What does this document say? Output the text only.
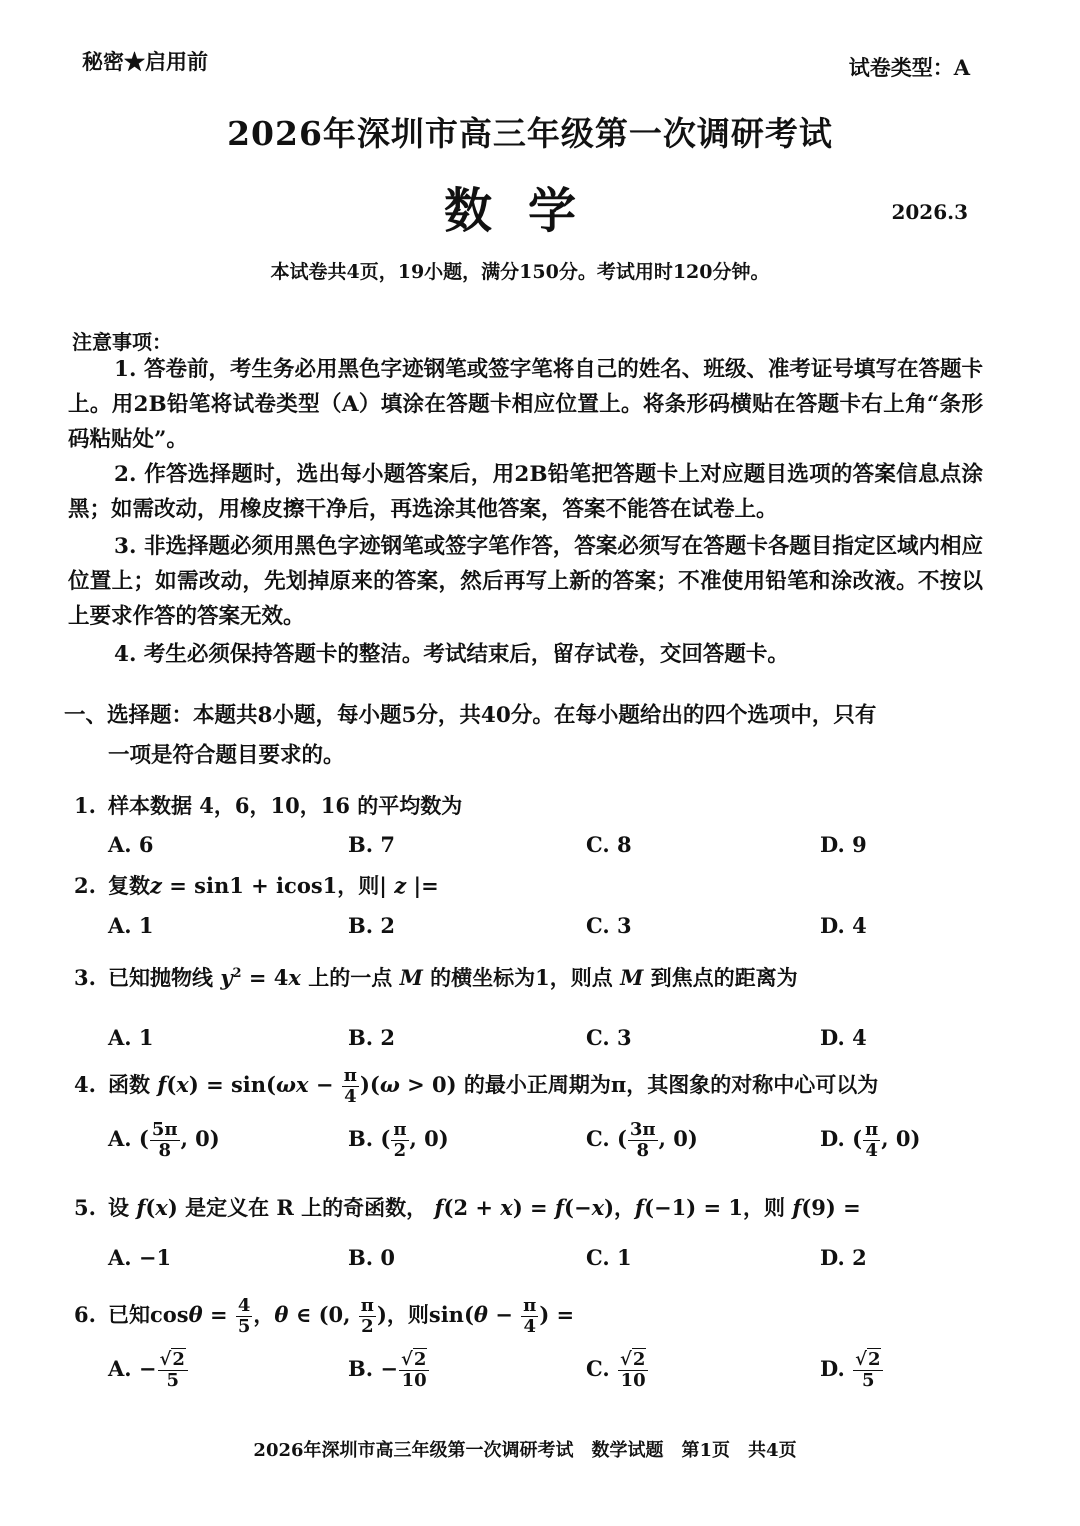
秘密★启用前	试卷类型：A
2026年深圳市高三年级第一次调研考试
数学	2026.3
本试卷共4页，19小题，满分150分。考试用时120分钟。
注意事项：
1. 答卷前，考生务必用黑色字迹钢笔或签字笔将自己的姓名、班级、准考证号填写在答题卡上。用2B铅笔将试卷类型（A）填涂在答题卡相应位置上。将条形码横贴在答题卡右上角“条形码粘贴处”。
2. 作答选择题时，选出每小题答案后，用2B铅笔把答题卡上对应题目选项的答案信息点涂黑；如需改动，用橡皮擦干净后，再选涂其他答案，答案不能答在试卷上。
3. 非选择题必须用黑色字迹钢笔或签字笔作答，答案必须写在答题卡各题目指定区域内相应位置上；如需改动，先划掉原来的答案，然后再写上新的答案；不准使用铅笔和涂改液。不按以上要求作答的答案无效。
4. 考生必须保持答题卡的整洁。考试结束后，留存试卷，交回答题卡。
一、选择题：本题共8小题，每小题5分，共40分。在每小题给出的四个选项中，只有
一项是符合题目要求的。
1. 样本数据 4，6，10，16 的平均数为
A. 6	B. 7	C. 8	D. 9
2. 复数z = sin1 + icos1，则| z |=
A. 1	B. 2	C. 3	D. 4
3. 已知抛物线 $y^2 = 4x$ 上的一点 M 的横坐标为1，则点 M 到焦点的距离为
A. 1	B. 2	C. 3	D. 4
4. 函数 $f(x) = \sin(\omega x - \frac{\pi}{4} )(\omega > 0)$ 的最小正周期为π，其图象的对称中心可以为
A. ( $\frac{5\pi}{8}$ , 0)	B. ( $\frac{\pi}{2}$ , 0)	C. ( $\frac{3\pi}{8}$ , 0)	D. ( $\frac{\pi}{4}$ , 0)
5. 设 f(x) 是定义在 R 上的奇函数， f(2 + x) = f(−x)，f(−1) = 1，则 f(9) =
A. −1	B. 0	C. 1	D. 2
6. 已知$\cos\theta = \frac{4}{5}$ ，θ ∈ (0, $\frac{\pi}{2}$ )，则$\sin(\theta - \frac{\pi}{4}$ ) =
A. − $\frac{√2}{5}$	B. − $\frac{√2}{10}$	C. $\frac{√2}{10}$	D. $\frac{√2}{5}$
2026年深圳市高三年级第一次调研考试　数学试题　第1页　共4页
